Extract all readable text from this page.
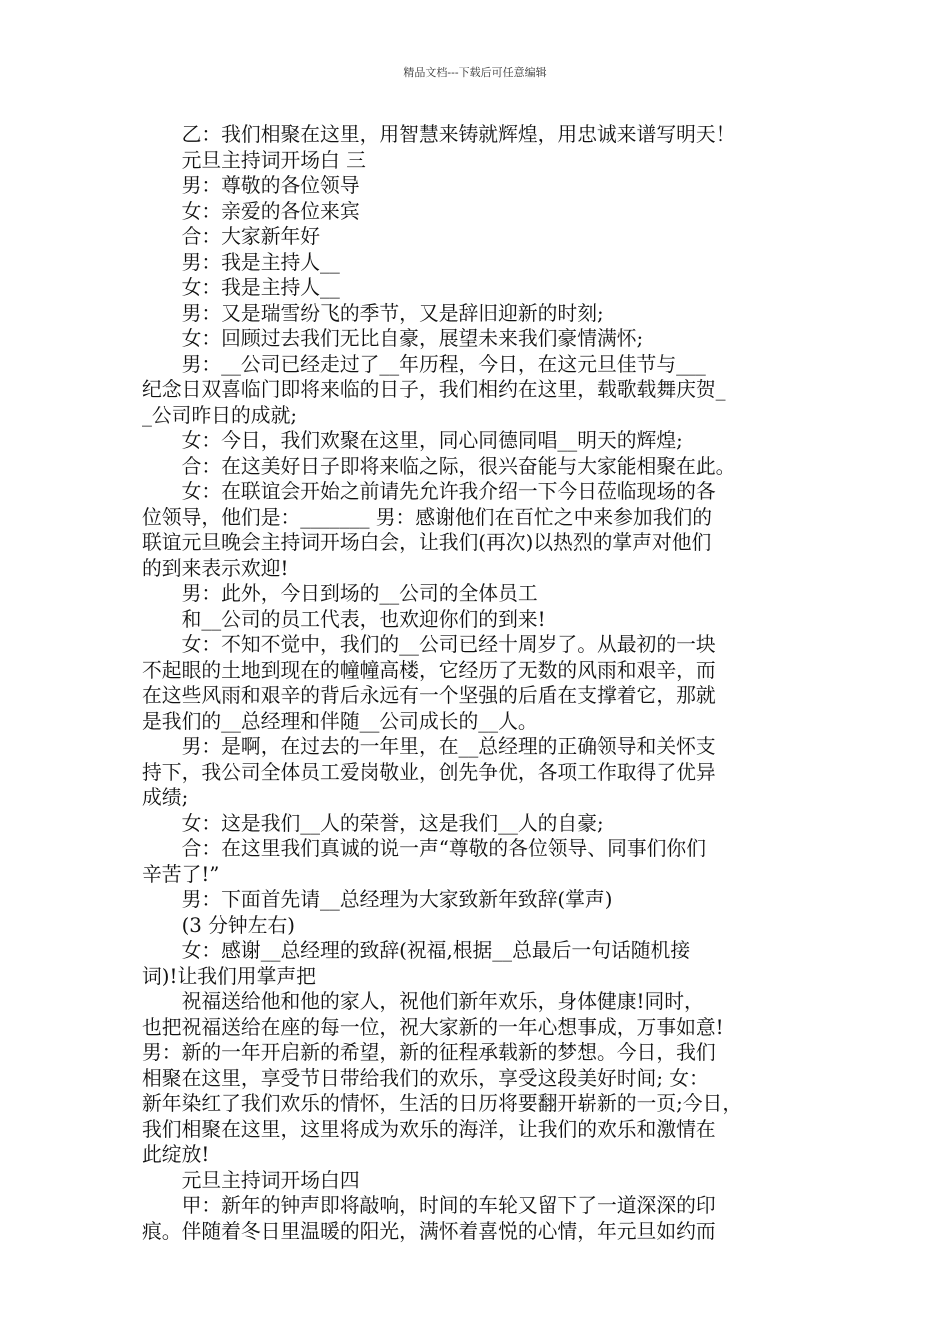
精品文档---下载后可任意编辑
　　乙：我们相聚在这里，用智慧来铸就辉煌，用忠诚来谱写明天！
　　元旦主持词开场白 三
　　男：尊敬的各位领导
　　女：亲爱的各位来宾
　　合：大家新年好
　　男：我是主持人__
　　女：我是主持人__
　　男：又是瑞雪纷飞的季节，又是辞旧迎新的时刻;
　　女：回顾过去我们无比自豪，展望未来我们豪情满怀;
　　男：__公司已经走过了__年历程，今日，在这元旦佳节与___
纪念日双喜临门即将来临的日子，我们相约在这里，载歌载舞庆贺_
_公司昨日的成就;
　　女：今日，我们欢聚在这里，同心同德同唱__明天的辉煌;
　　合：在这美好日子即将来临之际，很兴奋能与大家能相聚在此。
　　女：在联谊会开始之前请先允许我介绍一下今日莅临现场的各
位领导，他们是：_______ 男：感谢他们在百忙之中来参加我们的
联谊元旦晚会主持词开场白会，让我们(再次)以热烈的掌声对他们
的到来表示欢迎!
　　男：此外，今日到场的__公司的全体员工
　　和__公司的员工代表，也欢迎你们的到来!
　　女：不知不觉中，我们的__公司已经十周岁了。从最初的一块
不起眼的土地到现在的幢幢高楼，它经历了无数的风雨和艰辛，而
在这些风雨和艰辛的背后永远有一个坚强的后盾在支撑着它，那就
是我们的__总经理和伴随__公司成长的__人。
　　男：是啊，在过去的一年里，在__总经理的正确领导和关怀支
持下，我公司全体员工爱岗敬业，创先争优，各项工作取得了优异
成绩;
　　女：这是我们__人的荣誉，这是我们__人的自豪;
　　合：在这里我们真诚的说一声“尊敬的各位领导、同事们你们
辛苦了!”
　　男：下面首先请__总经理为大家致新年致辞(掌声)
　　(3 分钟左右)
　　女：感谢__总经理的致辞(祝福,根据__总最后一句话随机接
词)!让我们用掌声把
　　祝福送给他和他的家人，祝他们新年欢乐，身体健康!同时，
也把祝福送给在座的每一位，祝大家新的一年心想事成，万事如意!
男：新的一年开启新的希望，新的征程承载新的梦想。今日，我们
相聚在这里，享受节日带给我们的欢乐，享受这段美好时间; 女：
新年染红了我们欢乐的情怀，生活的日历将要翻开崭新的一页;今日，
我们相聚在这里，这里将成为欢乐的海洋，让我们的欢乐和激情在
此绽放!
　　元旦主持词开场白四
　　甲：新年的钟声即将敲响，时间的车轮又留下了一道深深的印
痕。伴随着冬日里温暖的阳光，满怀着喜悦的心情，年元旦如约而
